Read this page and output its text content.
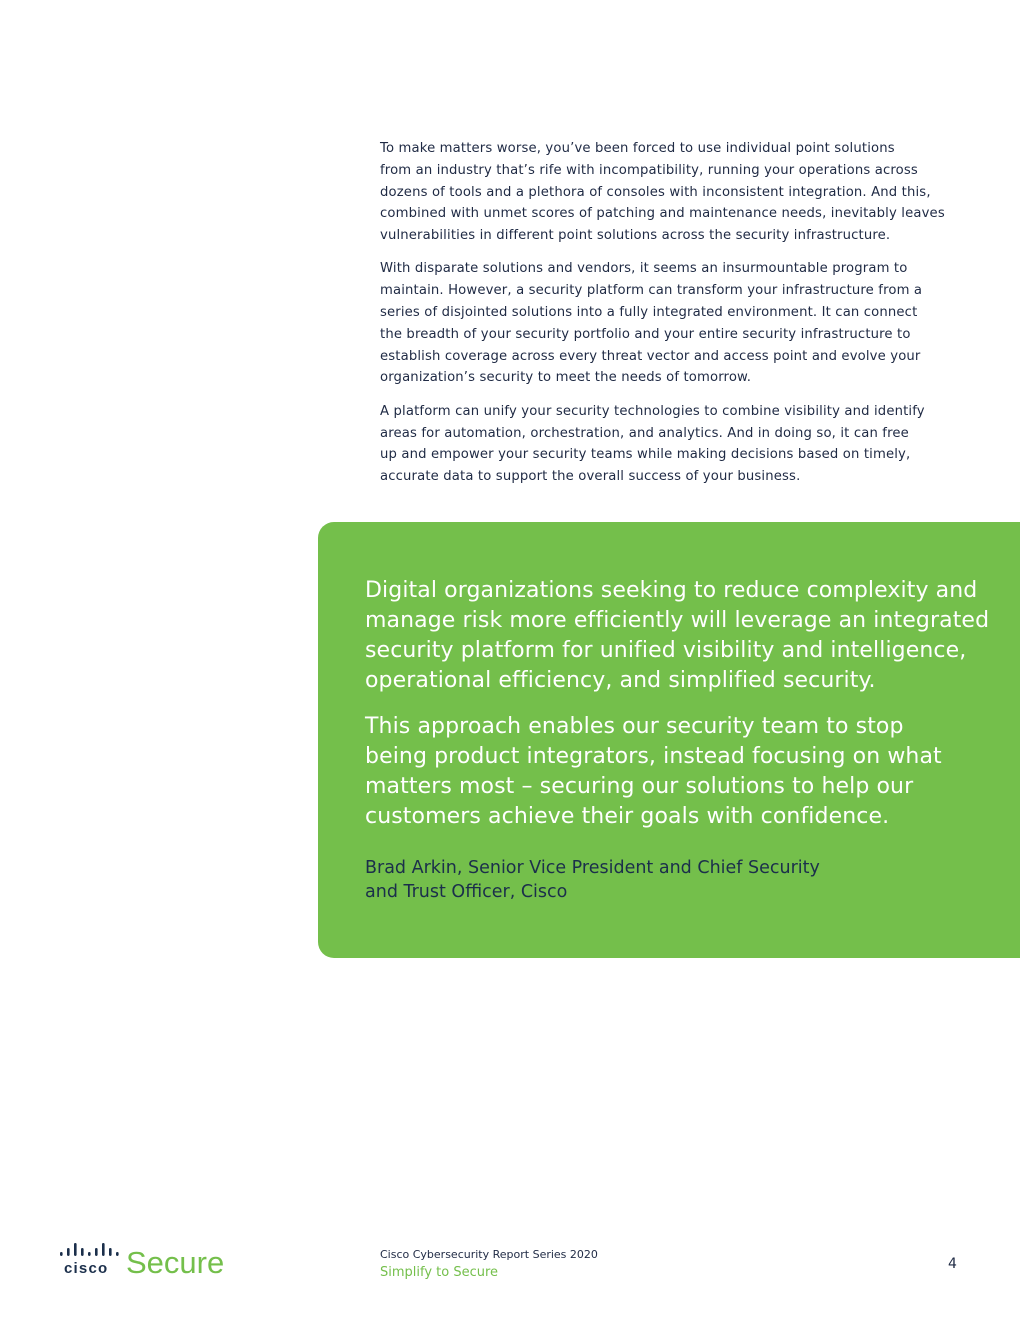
To make matters worse, you’ve been forced to use individual point solutions
from an industry that’s rife with incompatibility, running your operations across
dozens of tools and a plethora of consoles with inconsistent integration. And this,
combined with unmet scores of patching and maintenance needs, inevitably leaves
vulnerabilities in different point solutions across the security infrastructure.

With disparate solutions and vendors, it seems an insurmountable program to
maintain. However, a security platform can transform your infrastructure from a
series of disjointed solutions into a fully integrated environment. It can connect
the breadth of your security portfolio and your entire security infrastructure to
establish coverage across every threat vector and access point and evolve your
organization’s security to meet the needs of tomorrow.

A platform can unify your security technologies to combine visibility and identify
areas for automation, orchestration, and analytics. And in doing so, it can free
up and empower your security teams while making decisions based on timely,
accurate data to support the overall success of your business.

Digital organizations seeking to reduce complexity and
manage risk more efficiently will leverage an integrated
security platform for unified visibility and intelligence,
operational efficiency, and simplified security.

This approach enables our security team to stop
being product integrators, instead focusing on what
matters most – securing our solutions to help our
customers achieve their goals with confidence.

Brad Arkin, Senior Vice President and Chief Security
and Trust Officer, Cisco
cisco Secure	Cisco Cybersecurity Report Series 2020
Simplify to Secure
4
